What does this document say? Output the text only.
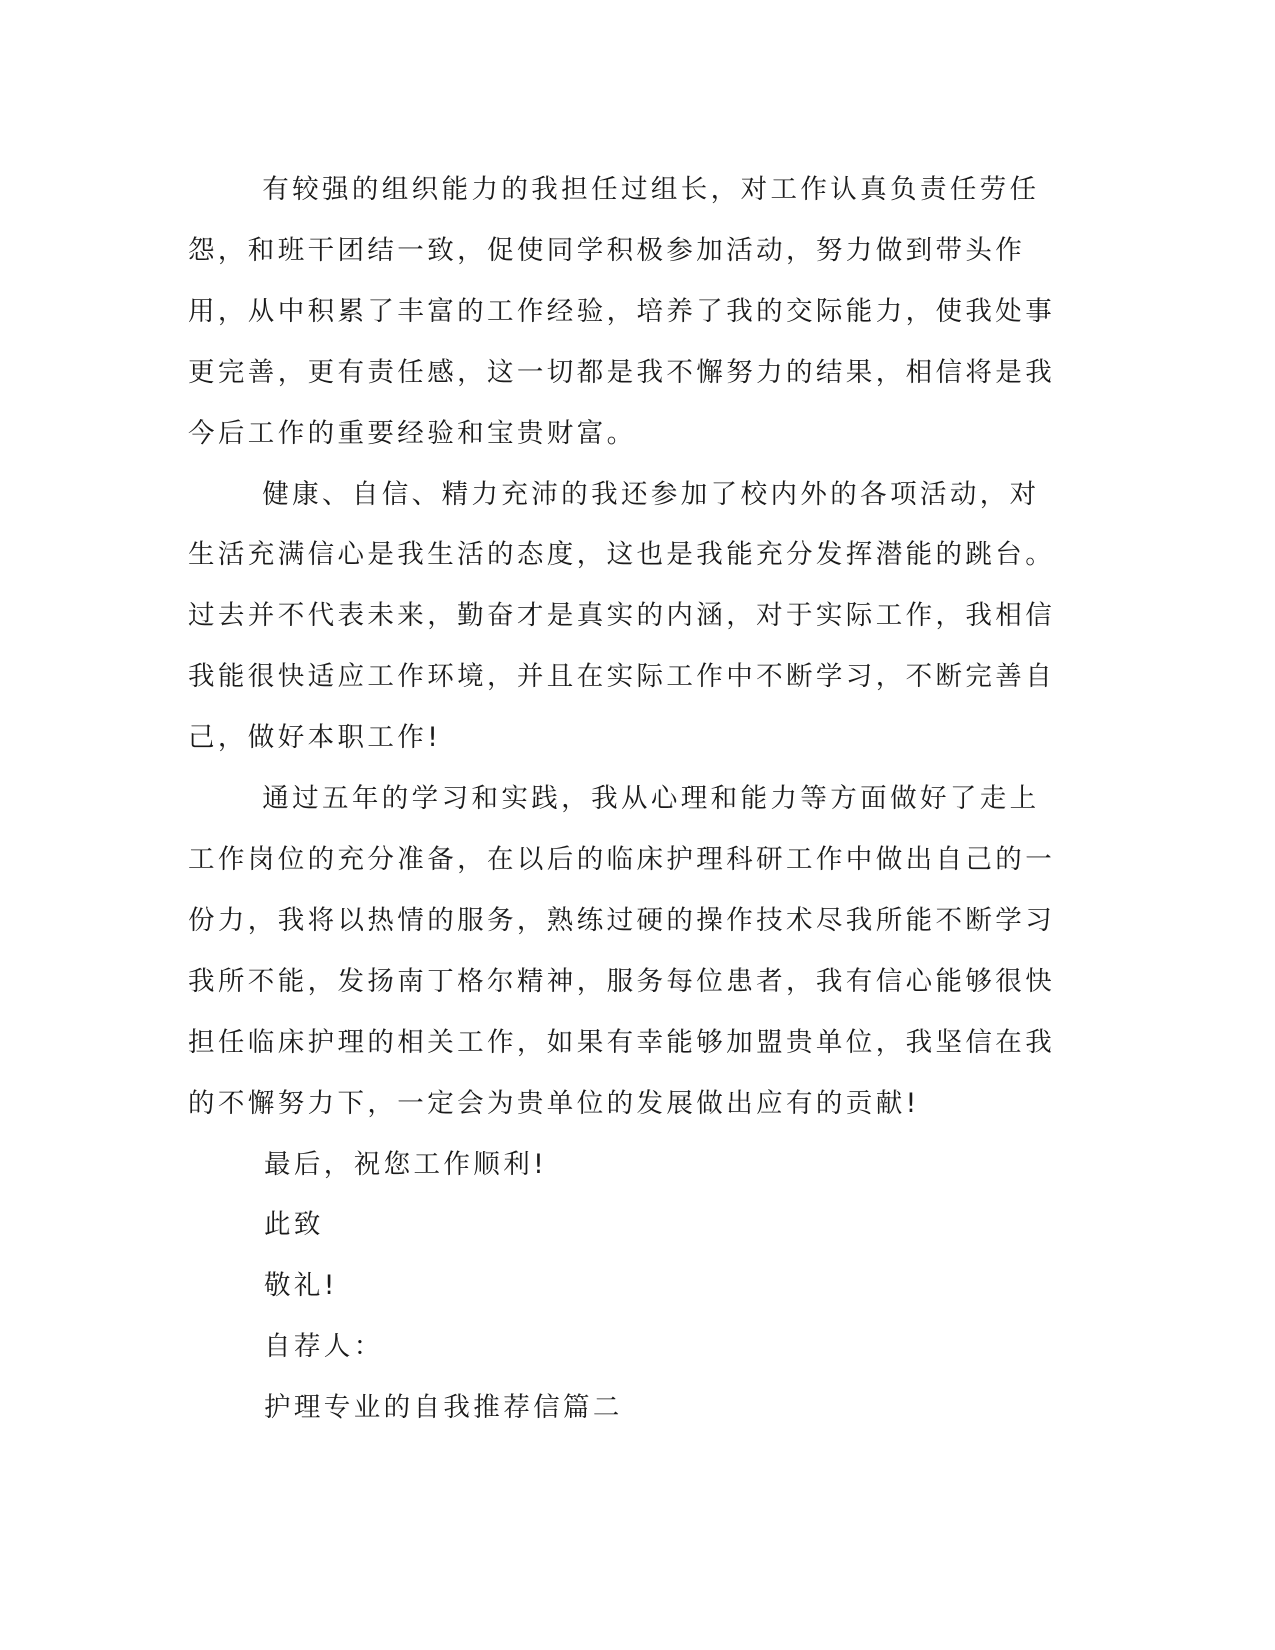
有较强的组织能力的我担任过组长，对工作认真负责任劳任怨，和班干团结一致，促使同学积极参加活动，努力做到带头作用，从中积累了丰富的工作经验，培养了我的交际能力，使我处事更完善，更有责任感，这一切都是我不懈努力的结果，相信将是我今后工作的重要经验和宝贵财富。

健康、自信、精力充沛的我还参加了校内外的各项活动，对生活充满信心是我生活的态度，这也是我能充分发挥潜能的跳台。过去并不代表未来，勤奋才是真实的内涵，对于实际工作，我相信我能很快适应工作环境，并且在实际工作中不断学习，不断完善自己，做好本职工作!

通过五年的学习和实践，我从心理和能力等方面做好了走上工作岗位的充分准备，在以后的临床护理科研工作中做出自己的一份力，我将以热情的服务，熟练过硬的操作技术尽我所能不断学习我所不能，发扬南丁格尔精神，服务每位患者，我有信心能够很快担任临床护理的相关工作，如果有幸能够加盟贵单位，我坚信在我的不懈努力下，一定会为贵单位的发展做出应有的贡献!

最后，祝您工作顺利!

此致

敬礼!

自荐人：

护理专业的自我推荐信篇二
